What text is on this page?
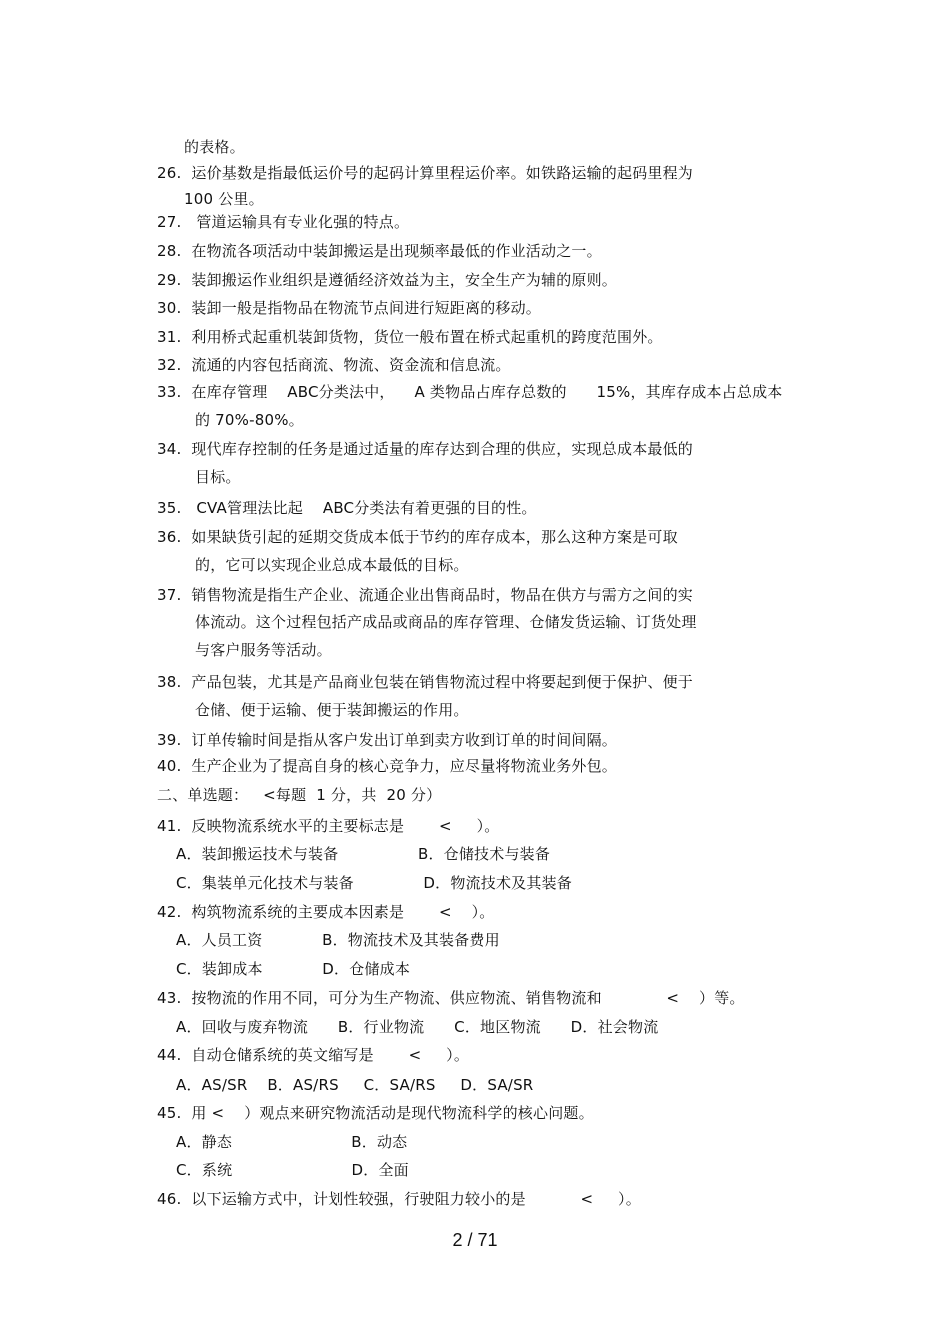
的表格。
26.  运价基数是指最低运价号的起码计算里程运价率。如铁路运输的起码里程为
100 公里。
27.   管道运输具有专业化强的特点。
28.  在物流各项活动中装卸搬运是出现频率最低的作业活动之一。
29.  装卸搬运作业组织是遵循经济效益为主，安全生产为辅的原则。
30.  装卸一般是指物品在物流节点间进行短距离的移动。
31.  利用桥式起重机装卸货物，货位一般布置在桥式起重机的跨度范围外。
32.  流通的内容包括商流、物流、资金流和信息流。
33.  在库存管理    ABC分类法中，    A 类物品占库存总数的      15%，其库存成本占总成本
的 70%-80%。
34.  现代库存控制的任务是通过适量的库存达到合理的供应，实现总成本最低的
目标。
35.   CVA管理法比起    ABC分类法有着更强的目的性。
36.  如果缺货引起的延期交货成本低于节约的库存成本，那么这种方案是可取
的，它可以实现企业总成本最低的目标。
37.  销售物流是指生产企业、流通企业出售商品时，物品在供方与需方之间的实
体流动。这个过程包括产成品或商品的库存管理、仓储发货运输、订货处理
与客户服务等活动。
38.  产品包装，尤其是产品商业包装在销售物流过程中将要起到便于保护、便于
仓储、便于运输、便于装卸搬运的作用。
39.  订单传输时间是指从客户发出订单到卖方收到订单的时间间隔。
40.  生产企业为了提高自身的核心竞争力，应尽量将物流业务外包。
二、单选题：   <每题  1 分，共  20 分）
41.  反映物流系统水平的主要标志是       <     ）。
A．装卸搬运技术与装备                B．仓储技术与装备
C．集装单元化技术与装备              D．物流技术及其装备
42.  构筑物流系统的主要成本因素是       <    ）。
A．人员工资            B．物流技术及其装备费用
C．装卸成本            D．仓储成本
43.  按物流的作用不同，可分为生产物流、供应物流、销售物流和             <    ）等。
A．回收与废弃物流      B．行业物流      C．地区物流      D．社会物流
44.  自动仓储系统的英文缩写是       <     ）。
A．AS/SR    B．AS/RS     C．SA/RS     D．SA/SR
45.  用 <    ）观点来研究物流活动是现代物流科学的核心问题。
A．静态                        B．动态
C．系统                        D．全面
46.  以下运输方式中，计划性较强，行驶阻力较小的是           <     ）。
2 / 71
